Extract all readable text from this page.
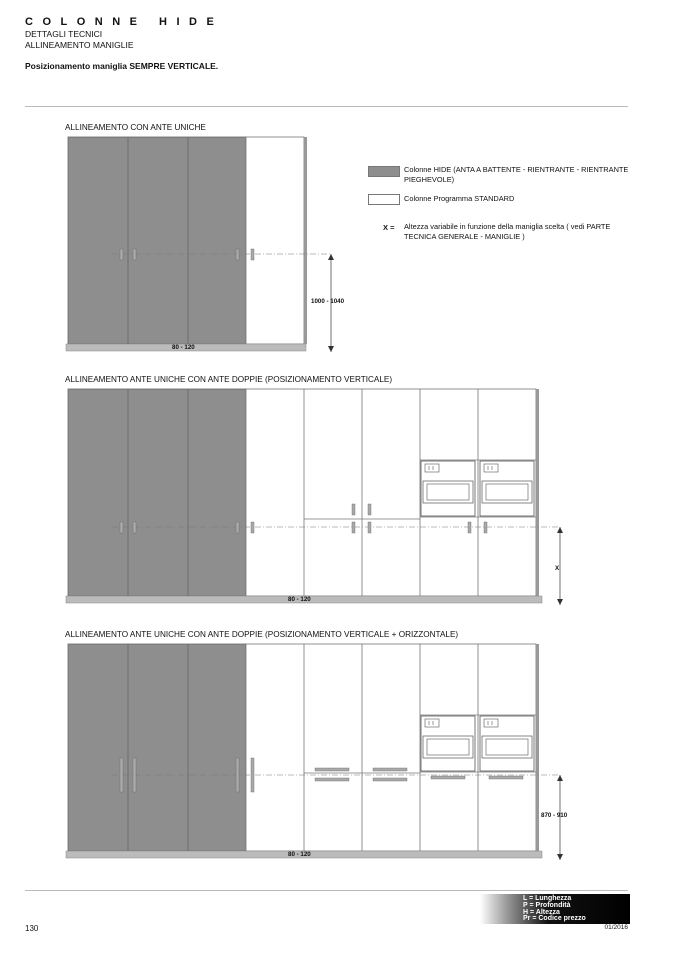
COLONNE HIDE
DETTAGLI TECNICI
ALLINEAMENTO MANIGLIE
Posizionamento maniglia SEMPRE VERTICALE.
ALLINEAMENTO CON ANTE UNICHE
ALLINEAMENTO ANTE UNICHE CON ANTE DOPPIE (POSIZIONAMENTO VERTICALE)
ALLINEAMENTO ANTE UNICHE CON ANTE DOPPIE (POSIZIONAMENTO VERTICALE + ORIZZONTALE)
Colonne HIDE (ANTA A BATTENTE - RIENTRANTE - RIENTRANTE PIEGHEVOLE)
Colonne Programma STANDARD
X = Altezza variabile in funzione della maniglia scelta ( vedi PARTE TECNICA GENERALE - MANIGLIE )
80 - 120
1000 - 1040
80 - 120
X
80 - 120
870 - 910
L = Lunghezza
P = Profondità
H = Altezza
Pr = Codice prezzo
130	01/2016
